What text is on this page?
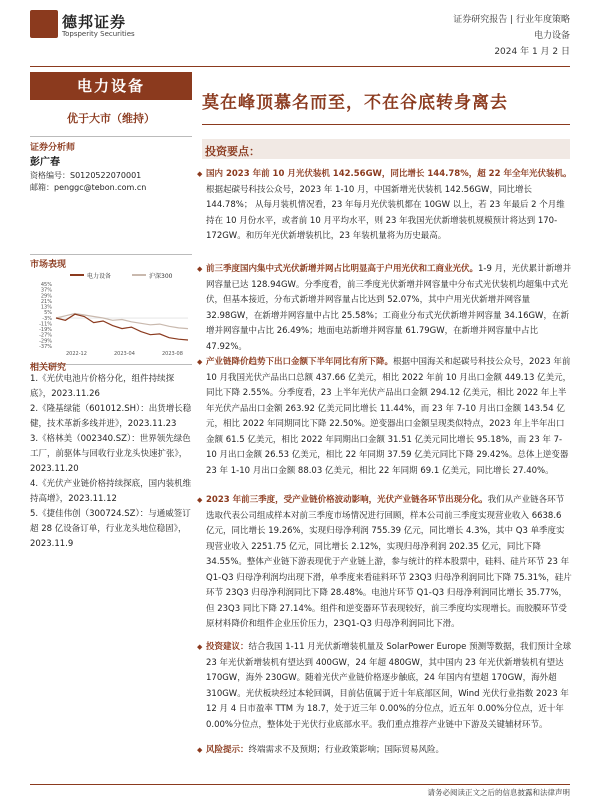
德邦证券
Topsperity Securities
证券研究报告 | 行业年度策略
电力设备
2024 年 1 月 2 日
电力设备
优于大市（维持）
证券分析师
彭广春
资格编号：S0120522070001
邮箱：penggc@tebon.com.cn
市场表现
电力设备	沪深300
45%
37%
29%
21%
13%
5%
-3%
-11%
-19%
-27%
-29%
-37%
2022-12	2023-04	2023-08
相关研究
1.《光伏电池片价格分化，组件持续探底》，2023.11.26
2.《隆基绿能（601012.SH）：出货增长稳健，技术革新多线并进》，2023.11.23
3.《格林美（002340.SZ）：世界领先绿色工厂，前驱体与回收行业龙头快速扩张》，2023.11.20
4.《光伏产业链价格持续探底，国内装机维持高增》，2023.11.12
5.《捷佳伟创（300724.SZ）：与通威签订超 28 亿设备订单，行业龙头地位稳固》，2023.11.9
莫在峰顶慕名而至，不在谷底转身离去
投资要点：
◆ 国内 2023 年前 10 月光伏装机 142.56GW，同比增长 144.78%，超 22 年全年光伏装机。根据起碳号科技公众号，2023 年 1-10 月，中国新增光伏装机 142.56GW，同比增长 144.78%； 从每月装机情况看，23 年每月光伏装机都在 10GW 以上，若 23 年最后 2 个月维持在 10 月份水平，或者前 10 月平均水平，则 23 年我国光伏新增装机规模预计将达到 170-172GW。和历年光伏新增装机比，23 年装机量将为历史最高。
◆ 前三季度国内集中式光伏新增并网占比明显高于户用光伏和工商业光伏。1-9 月，光伏累计新增并网容量已达 128.94GW。分季度看，前三季度光伏新增并网容量中分布式光伏装机均超集中式光伏，但基本接近，分布式新增并网容量占比达到 52.07%，其中户用光伏新增并网容量 32.98GW，在新增并网容量中占比 25.58%；工商业分布式光伏新增并网容量 34.16GW，在新增并网容量中占比 26.49%；地面电站新增并网容量 61.79GW，在新增并网容量中占比 47.92%。
◆ 产业链降价趋势下出口金额下半年同比有所下降。根据中国海关和起碳号科技公众号，2023 年前 10 月我国光伏产品出口总额 437.66 亿美元，相比 2022 年前 10 月出口金额 449.13 亿美元，同比下降 2.55%。分季度看，23 上半年光伏产品出口金额 294.12 亿美元，相比 2022 年上半年光伏产品出口金额 263.92 亿美元同比增长 11.44%，而 23 年 7-10 月出口金额 143.54 亿元，相比 2022 年同期同比下降 22.50%。逆变器出口金额呈现类似特点，2023 年上半年出口金额 61.5 亿美元，相比 2022 年同期出口金额 31.51 亿美元同比增长 95.18%，而 23 年 7-10 月出口金额 26.53 亿美元，相比 22 年同期 37.59 亿美元同比下降 29.42%。总体上逆变器 23 年 1-10 月出口金额 88.03 亿美元，相比 22 年同期 69.1 亿美元，同比增长 27.40%。
◆ 2023 年前三季度，受产业链价格波动影响，光伏产业链各环节出现分化。我们从产业链各环节选取代表公司组成样本对前三季度市场情况进行回顾，样本公司前三季度实现营业收入 6638.6 亿元，同比增长 19.26%，实现归母净利润 755.39 亿元，同比增长 4.3%，其中 Q3 单季度实现营业收入 2251.75 亿元，同比增长 2.12%，实现归母净利润 202.35 亿元，同比下降 34.55%。整体产业链下游表现优于产业链上游，参与统计的样本股票中，硅料、硅片环节 23 年 Q1-Q3 归母净利润均出现下滑，单季度来看硅料环节 23Q3 归母净利润同比下降 75.31%，硅片环节 23Q3 归母净利润同比下降 28.48%。电池片环节 Q1-Q3 归母净利润同比增长 35.77%，但 23Q3 同比下降 27.14%。组件和逆变器环节表现较好，前三季度均实现增长。而胶膜环节受原材料降价和组件企业压价压力，23Q1-Q3 归母净利润同比下滑。
◆ 投资建议：结合我国 1-11 月光伏新增装机量及 SolarPower Europe 预测等数据，我们预计全球 23 年光伏新增装机有望达到 400GW，24 年超 480GW，其中国内 23 年光伏新增装机有望达 170GW，海外 230GW。随着光伏产业链价格逐步触底，24 年国内有望超 170GW，海外超 310GW。光伏板块经过本轮回调，目前估值属于近十年底部区间，Wind 光伏行业指数 2023 年 12 月 4 日市盈率 TTM 为 18.7，处于近三年 0.00%的分位点，近五年 0.00%分位点，近十年 0.00%分位点，整体处于光伏行业底部水平。我们重点推荐产业链中下游及关键辅材环节。
◆ 风险提示：终端需求不及预期；行业政策影响；国际贸易风险。
请务必阅读正文之后的信息披露和法律声明
